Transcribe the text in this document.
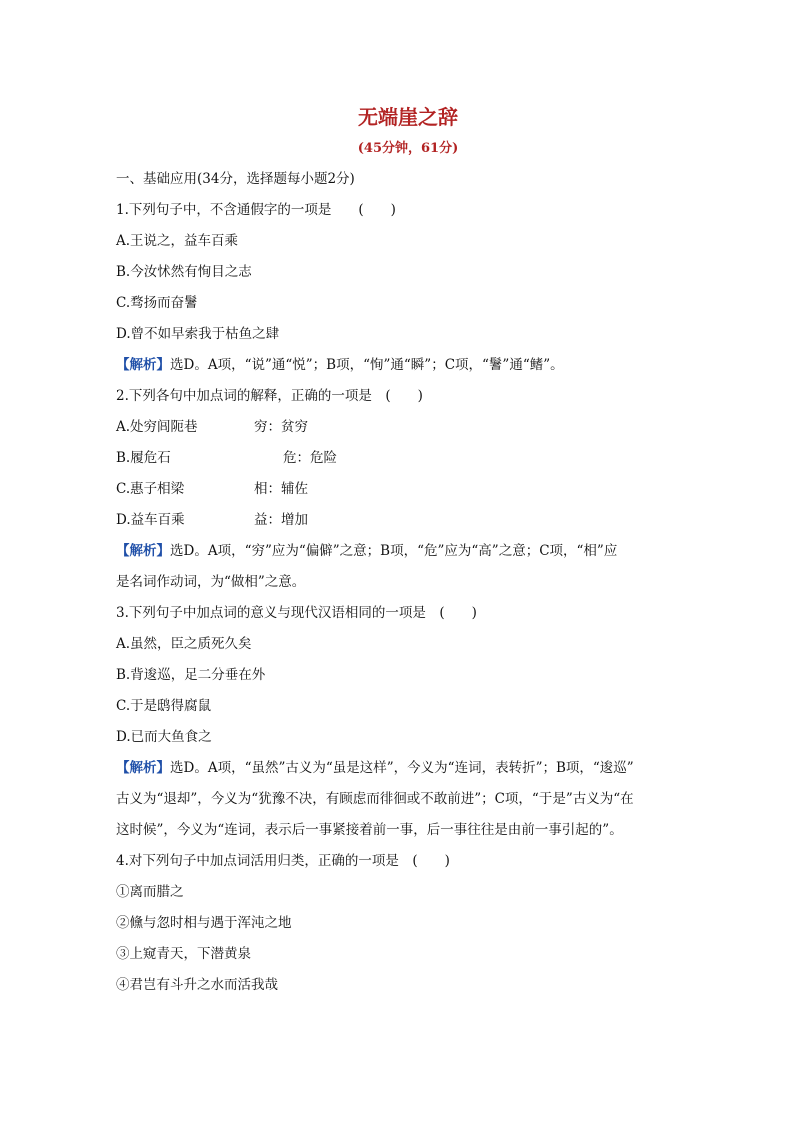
无端崖之辞
(45分钟，61分)
一、基础应用(34分，选择题每小题2分)
1.下列句子中，不含通假字的一项是　　(　　)
A.王说之，益车百乘
B.今汝怵然有恂目之志
C.骛扬而奋鬐
D.曾不如早索我于枯鱼之肆
【解析】选D。A项，“说”通“悦”；B项，“恂”通“瞬”；C项，“鬐”通“鳍”。
2.下列各句中加点词的解释，正确的一项是　(　　)
A.处穷闾阨巷	穷：贫穷
B.履危石	危：危险
C.惠子相梁	相：辅佐
D.益车百乘	益：增加
【解析】选D。A项，“穷”应为“偏僻”之意；B项，“危”应为“高”之意；C项，“相”应
是名词作动词，为“做相”之意。
3.下列句子中加点词的意义与现代汉语相同的一项是　(　　)
A.虽然，臣之质死久矣
B.背逡巡，足二分垂在外
C.于是鸱得腐鼠
D.已而大鱼食之
【解析】选D。A项，“虽然”古义为“虽是这样”，今义为“连词，表转折”；B项，“逡巡”
古义为“退却”，今义为“犹豫不决，有顾虑而徘徊或不敢前进”；C项，“于是”古义为“在
这时候”，今义为“连词，表示后一事紧接着前一事，后一事往往是由前一事引起的”。
4.对下列句子中加点词活用归类，正确的一项是　(　　)
①离而腊之
②儵与忽时相与遇于浑沌之地
③上窥青天，下潜黄泉
④君岂有斗升之水而活我哉
